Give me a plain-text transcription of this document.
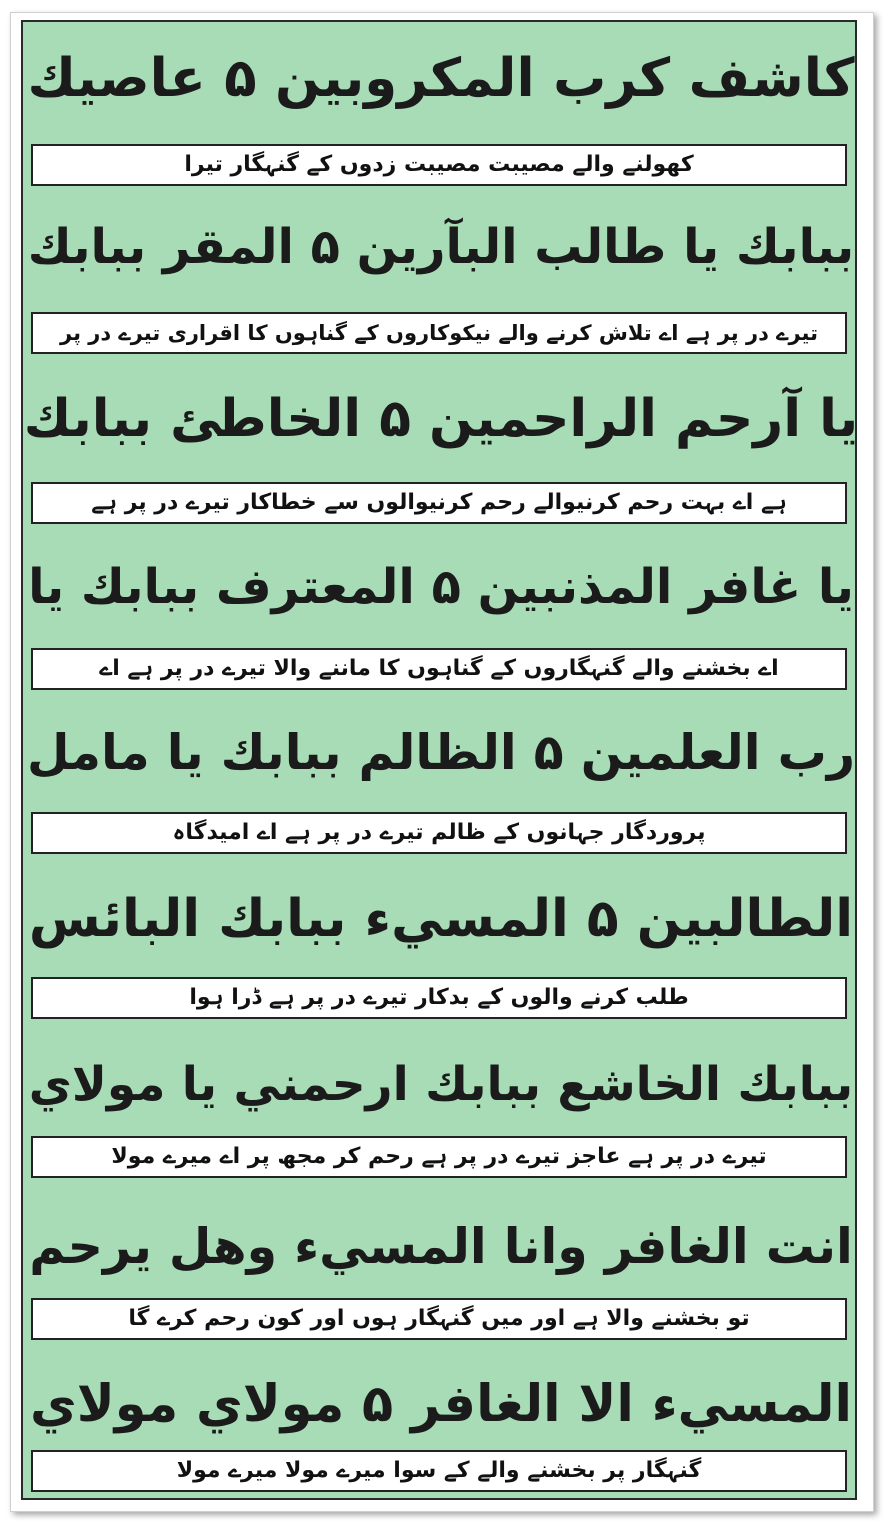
كاشف كرب المكروبين ۵ عاصيك
کھولنے والے مصیبت مصیبت زدوں کے گنہگار تیرا
ببابك يا طالب البآرين ۵ المقر ببابك
تیرے در پر ہے اے تلاش کرنے والے نیکوکاروں کے گناہوں کا اقراری تیرے در پر
يا آرحم الراحمين ۵ الخاطئ ببابك
ہے اے بہت رحم کرنیوالے رحم کرنیوالوں سے خطاکار تیرے در پر ہے
يا غافر المذنبين ۵ المعترف ببابك يا
اے بخشنے والے گنہگاروں کے گناہوں کا ماننے والا تیرے در پر ہے اے
رب العلمين ۵ الظالم ببابك يا مامل
پروردگار جہانوں کے ظالم تیرے در پر ہے اے امیدگاہ
الطالبين ۵ المسيء ببابك البائس
طلب کرنے والوں کے بدکار تیرے در پر ہے ڈرا ہوا
ببابك الخاشع ببابك ارحمني يا مولاي
تیرے در پر ہے عاجز تیرے در پر ہے رحم کر مجھ پر اے میرے مولا
انت الغافر وانا المسيء وهل يرحم
تو بخشنے والا ہے اور میں گنہگار ہوں اور کون رحم کرے گا
المسيء الا الغافر ۵ مولاي مولاي
گنہگار پر بخشنے والے کے سوا میرے مولا میرے مولا
